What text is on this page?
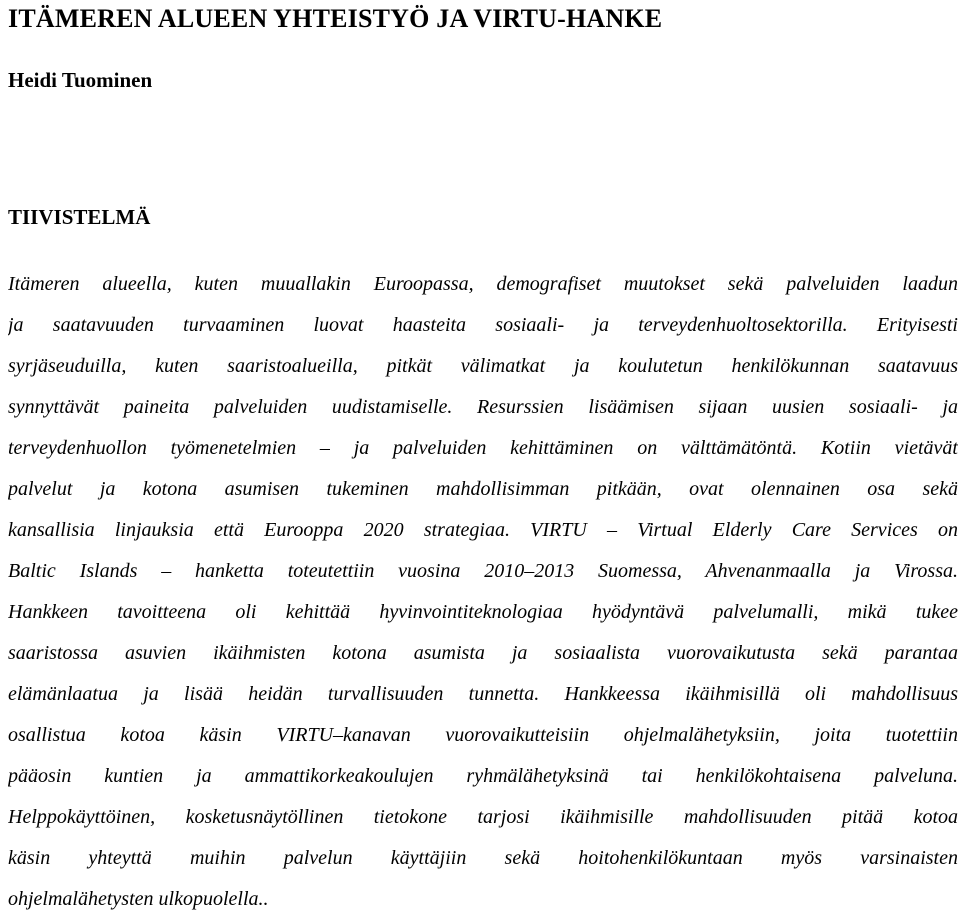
ITÄMEREN ALUEEN YHTEISTYÖ JA VIRTU-HANKE
Heidi Tuominen
TIIVISTELMÄ
Itämeren alueella, kuten muuallakin Euroopassa, demografiset muutokset sekä palveluiden laadun
ja saatavuuden turvaaminen luovat haasteita sosiaali- ja terveydenhuoltosektorilla. Erityisesti
syrjäseuduilla, kuten saaristoalueilla, pitkät välimatkat ja koulutetun henkilökunnan saatavuus
synnyttävät paineita palveluiden uudistamiselle. Resurssien lisäämisen sijaan uusien sosiaali- ja
terveydenhuollon työmenetelmien – ja palveluiden kehittäminen on välttämätöntä. Kotiin vietävät
palvelut ja kotona asumisen tukeminen mahdollisimman pitkään, ovat olennainen osa sekä
kansallisia linjauksia että Eurooppa 2020 strategiaa. VIRTU – Virtual Elderly Care Services on
Baltic Islands – hanketta toteutettiin vuosina 2010–2013 Suomessa, Ahvenanmaalla ja Virossa.
Hankkeen tavoitteena oli kehittää hyvinvointiteknologiaa hyödyntävä palvelumalli, mikä tukee
saaristossa asuvien ikäihmisten kotona asumista ja sosiaalista vuorovaikutusta sekä parantaa
elämänlaatua ja lisää heidän turvallisuuden tunnetta. Hankkeessa ikäihmisillä oli mahdollisuus
osallistua kotoa käsin VIRTU–kanavan vuorovaikutteisiin ohjelmalähetyksiin, joita tuotettiin
pääosin kuntien ja ammattikorkeakoulujen ryhmälähetyksinä tai henkilökohtaisena palveluna.
Helppokäyttöinen, kosketusnäytöllinen tietokone tarjosi ikäihmisille mahdollisuuden pitää kotoa
käsin yhteyttä muihin palvelun käyttäjiin sekä hoitohenkilökuntaan myös varsinaisten
ohjelmalähetysten ulkopuolella..
